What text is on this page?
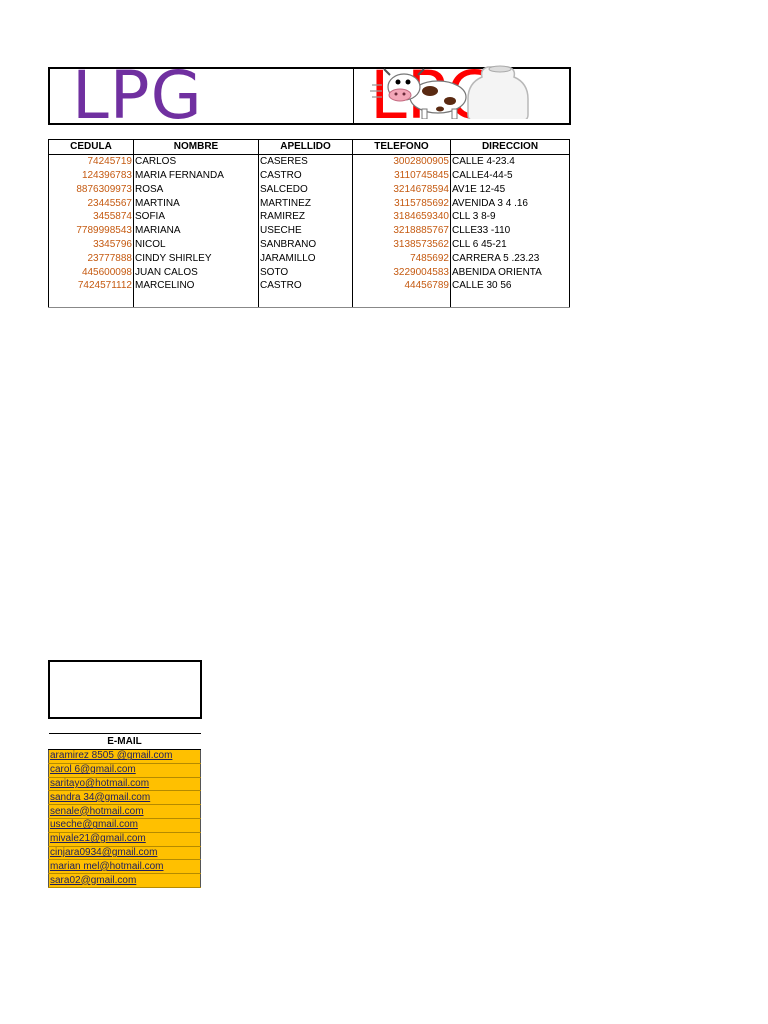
LPG
CEDULA	NOMBRE	APELLIDO	TELEFONO	DIRECCION
74245719	CARLOS	CASERES	3002800905	CALLE 4-23.4
124396783	MARIA FERNANDA	CASTRO	3110745845	CALLE4-44-5
8876309973	ROSA	SALCEDO	3214678594	AV1E 12-45
23445567	MARTINA	MARTINEZ	3115785692	AVENIDA 3 4 .16
3455874	SOFIA	RAMIREZ	3184659340	CLL 3 8-9
7789998543	MARIANA	USECHE	3218885767	CLLE33 -110
3345796	NICOL	SANBRANO	3138573562	CLL 6 45-21
23777888	CINDY SHIRLEY	JARAMILLO	7485692	CARRERA 5 .23.23
445600098	JUAN CALOS	SOTO	3229004583	ABENIDA ORIENTA
7424571112	MARCELINO	CASTRO	44456789	CALLE 30 56

E-MAIL
aramirez 8505 @gmail.com
carol 6@gmail.com
saritayo@hotmail.com
sandra 34@gmail.com
senale@hotmail.com
useche@gmail.com
mivale21@gmail.com
cinjara0934@gmail.com
marian mel@hotmail.com
sara02@gmail.com
